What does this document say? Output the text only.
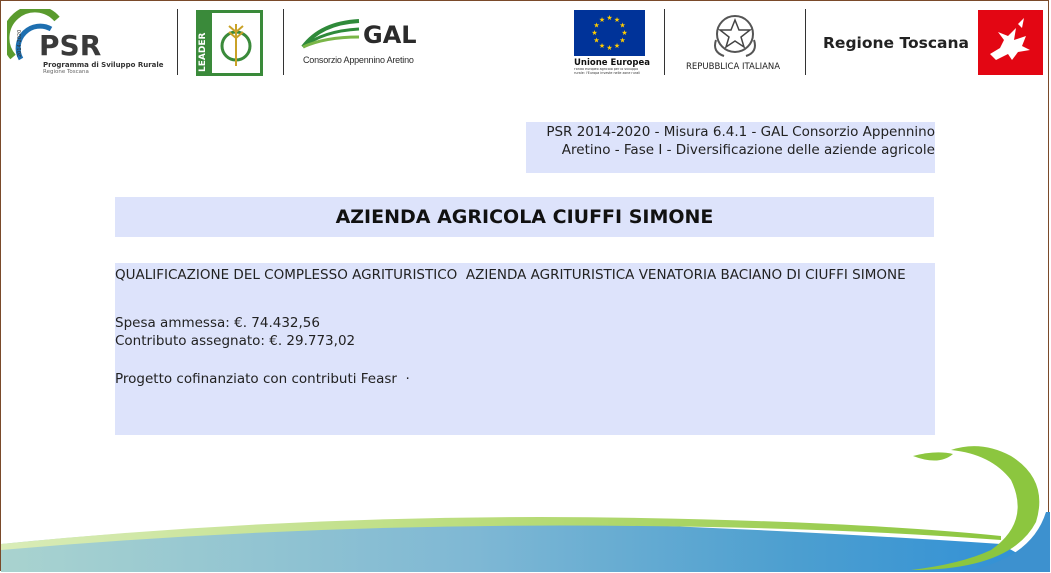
PSR
2014-2020
Programma di Sviluppo Rurale
Regione Toscana	LEADER	GAL
Consorzio Appennino Aretino
★ ★
★
★
★
★
★
★
★
★
★
★
Unione Europea
Fondo europeo agricolo per lo sviluppo rurale: l'Europa investe nelle zone rurali
REPUBBLICA ITALIANA
Regione Toscana
PSR 2014-2020 - Misura 6.4.1 - GAL Consorzio Appennino
Aretino - Fase I - Diversificazione delle aziende agricole
AZIENDA AGRICOLA CIUFFI SIMONE
QUALIFICAZIONE DEL COMPLESSO AGRITURISTICO  AZIENDA AGRITURISTICA VENATORIA BACIANO DI CIUFFI SIMONE
Spesa ammessa: €. 74.432,56
Contributo assegnato: €. 29.773,02
Progetto cofinanziato con contributi Feasr  ·
